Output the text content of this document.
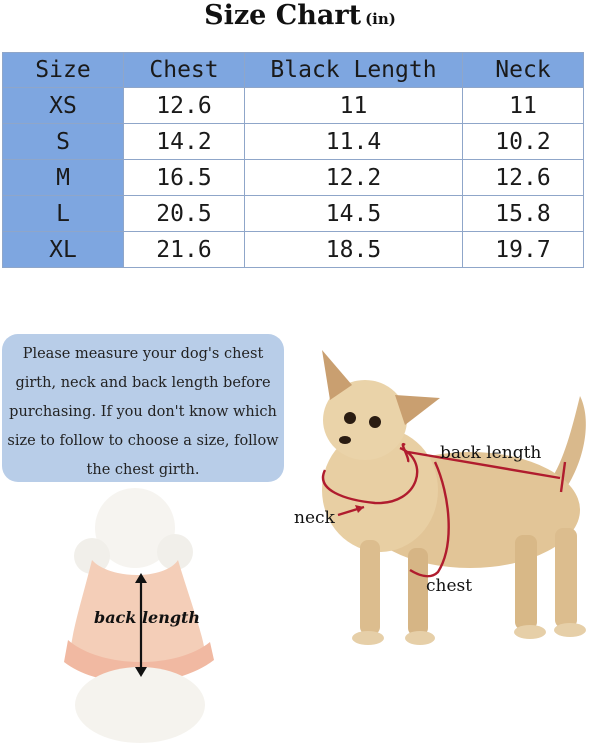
Size Chart (in)
Size	Chest	Black Length	Neck
XS	12.6	11	11
S	14.2	11.4	10.2
M	16.5	12.2	12.6
L	20.5	14.5	15.8
XL	21.6	18.5	19.7
Please measure your dog's chest girth, neck and back length before purchasing. If you don't know which size to follow to choose a size, follow the chest girth.
back length
neck
chest
back length
